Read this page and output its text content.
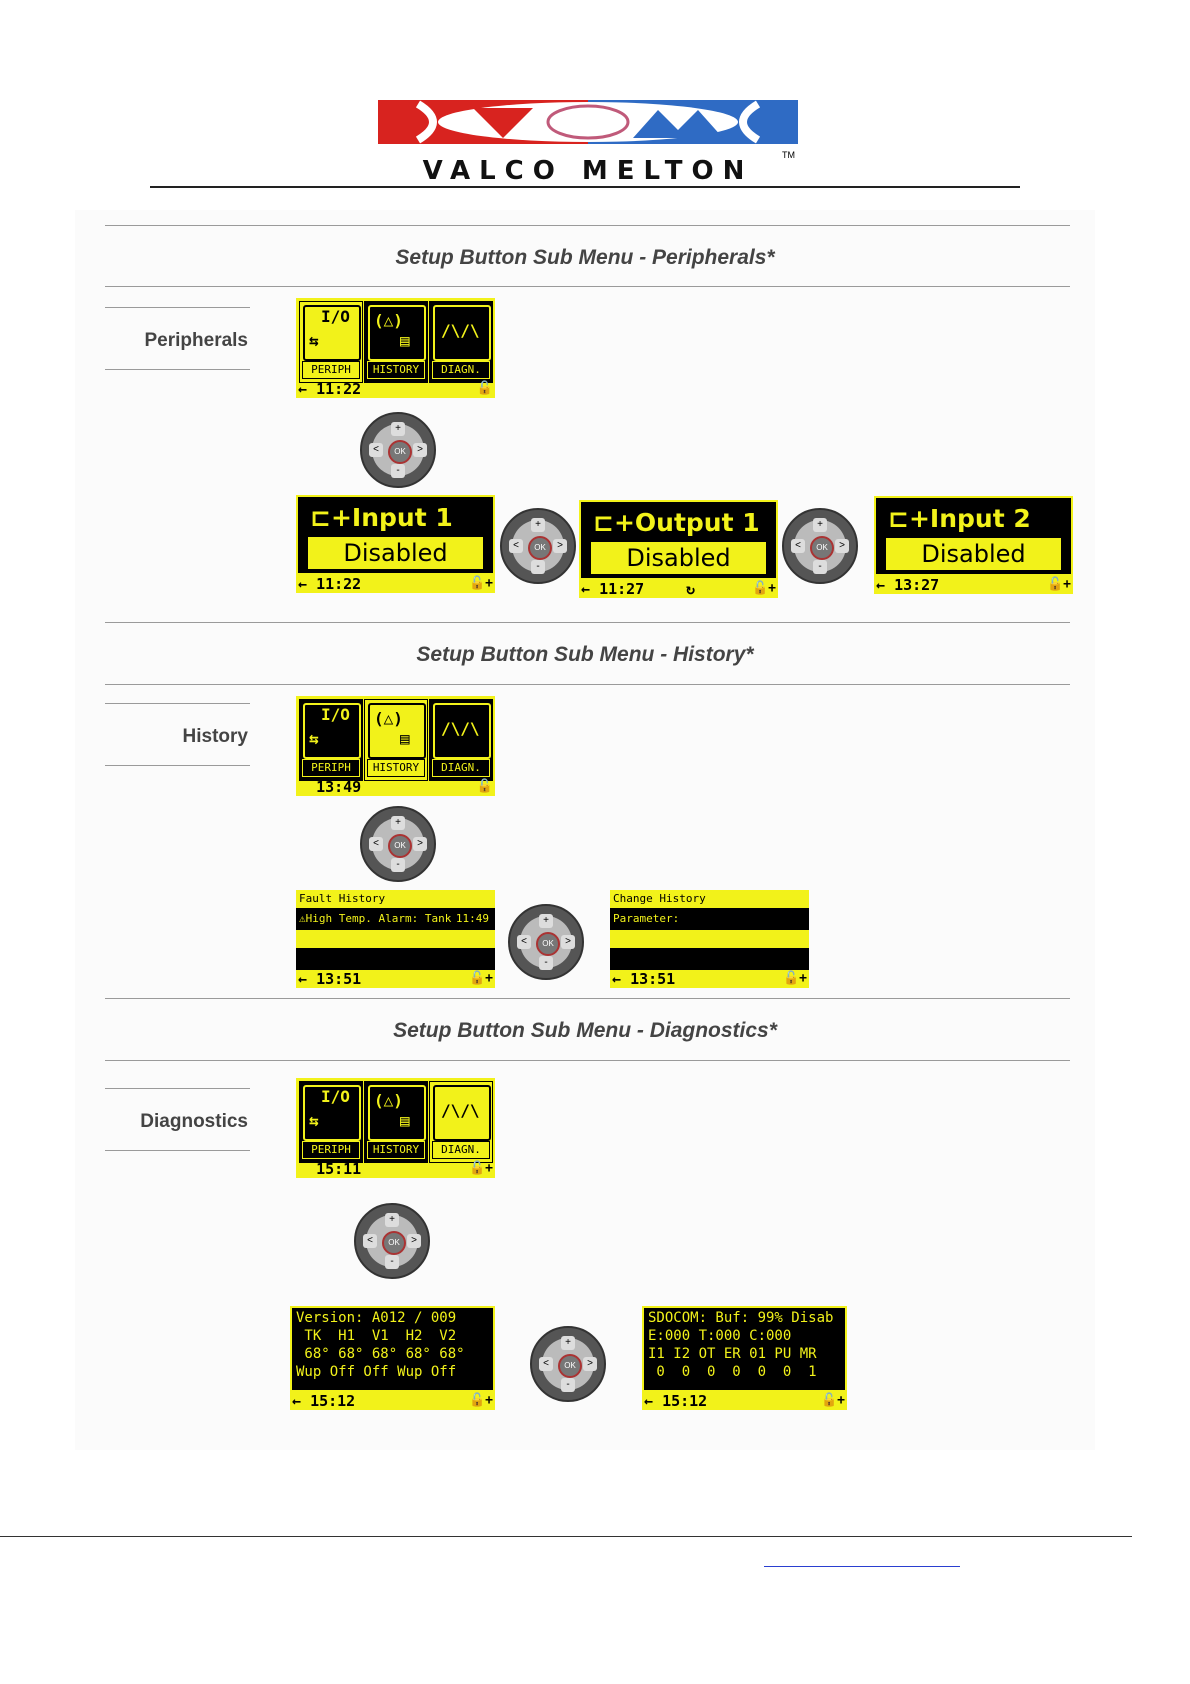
VALCO MELTON
TM
Setup Button Sub Menu - Peripherals*
Peripherals
I/O
⇆
PERIPH
(△)
▤
HISTORY
/\/\
DIAGN.
← 11:22	🔓
+
-
<	>
OK
⊏+Input 1
Disabled
← 11:22	🔓+
+
-
<	>
OK
⊏+Output 1
Disabled
← 11:27	↻	🔓+
+
-
<	>
OK
⊏+Input 2
Disabled
← 13:27	🔓+
Setup Button Sub Menu - History*
History
I/O
⇆
PERIPH
(△)
▤
HISTORY
/\/\
DIAGN.
13:49	🔓
+
-
<	>
OK
Fault History
⚠High Temp. Alarm: Tank 11:49
← 13:51	🔓+
+
-
<	>
OK
Change History
Parameter:
← 13:51	🔓+
Setup Button Sub Menu - Diagnostics*
Diagnostics
I/O
⇆
PERIPH
(△)
▤
HISTORY
/\/\
DIAGN.
15:11	🔓+
+
-
<	>
OK
Version: A012 / 009
TK  H1  V1  H2  V2
68° 68° 68° 68° 68°
Wup Off Off Wup Off
← 15:12	🔓+
+
-
<	>
OK
SDOCOM: Buf: 99% Disab
E:000 T:000 C:000
I1 I2 OT ER 01 PU MR
0  0  0  0  0  0  1
← 15:12	🔓+
